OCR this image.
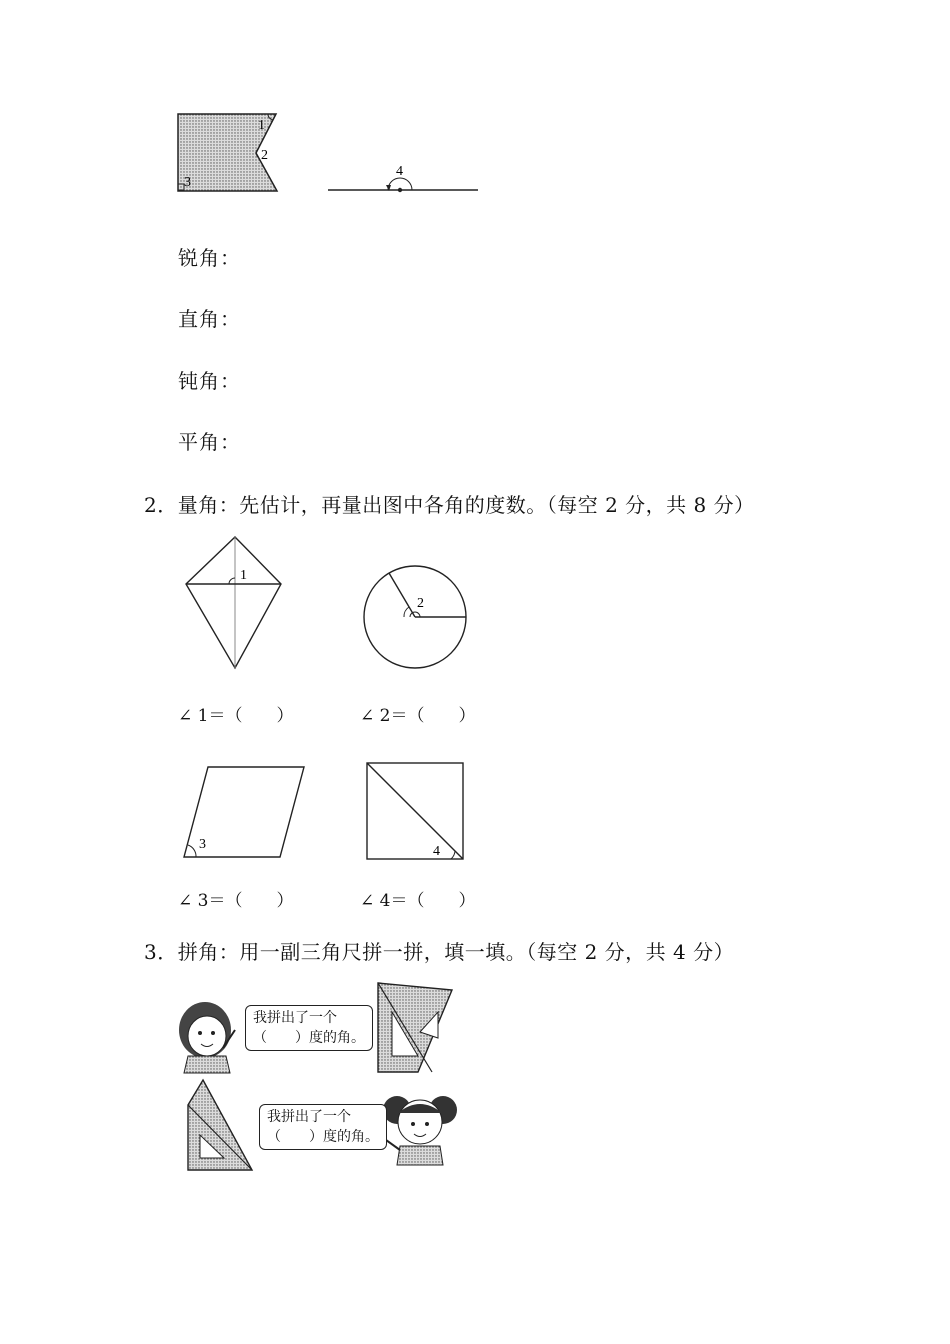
1
2
3
4
1
2
3	4
锐角：
直角：
钝角：
平角：
2．量角：先估计，再量出图中各角的度数。（每空 2 分，共 8 分）
∠ 1＝（　　）	∠ 2＝（　　）
∠ 3＝（　　）	∠ 4＝（　　）
3．拼角：用一副三角尺拼一拼，填一填。（每空 2 分，共 4 分）
我拼出了一个
（　　）度的角。
我拼出了一个
（　　）度的角。
